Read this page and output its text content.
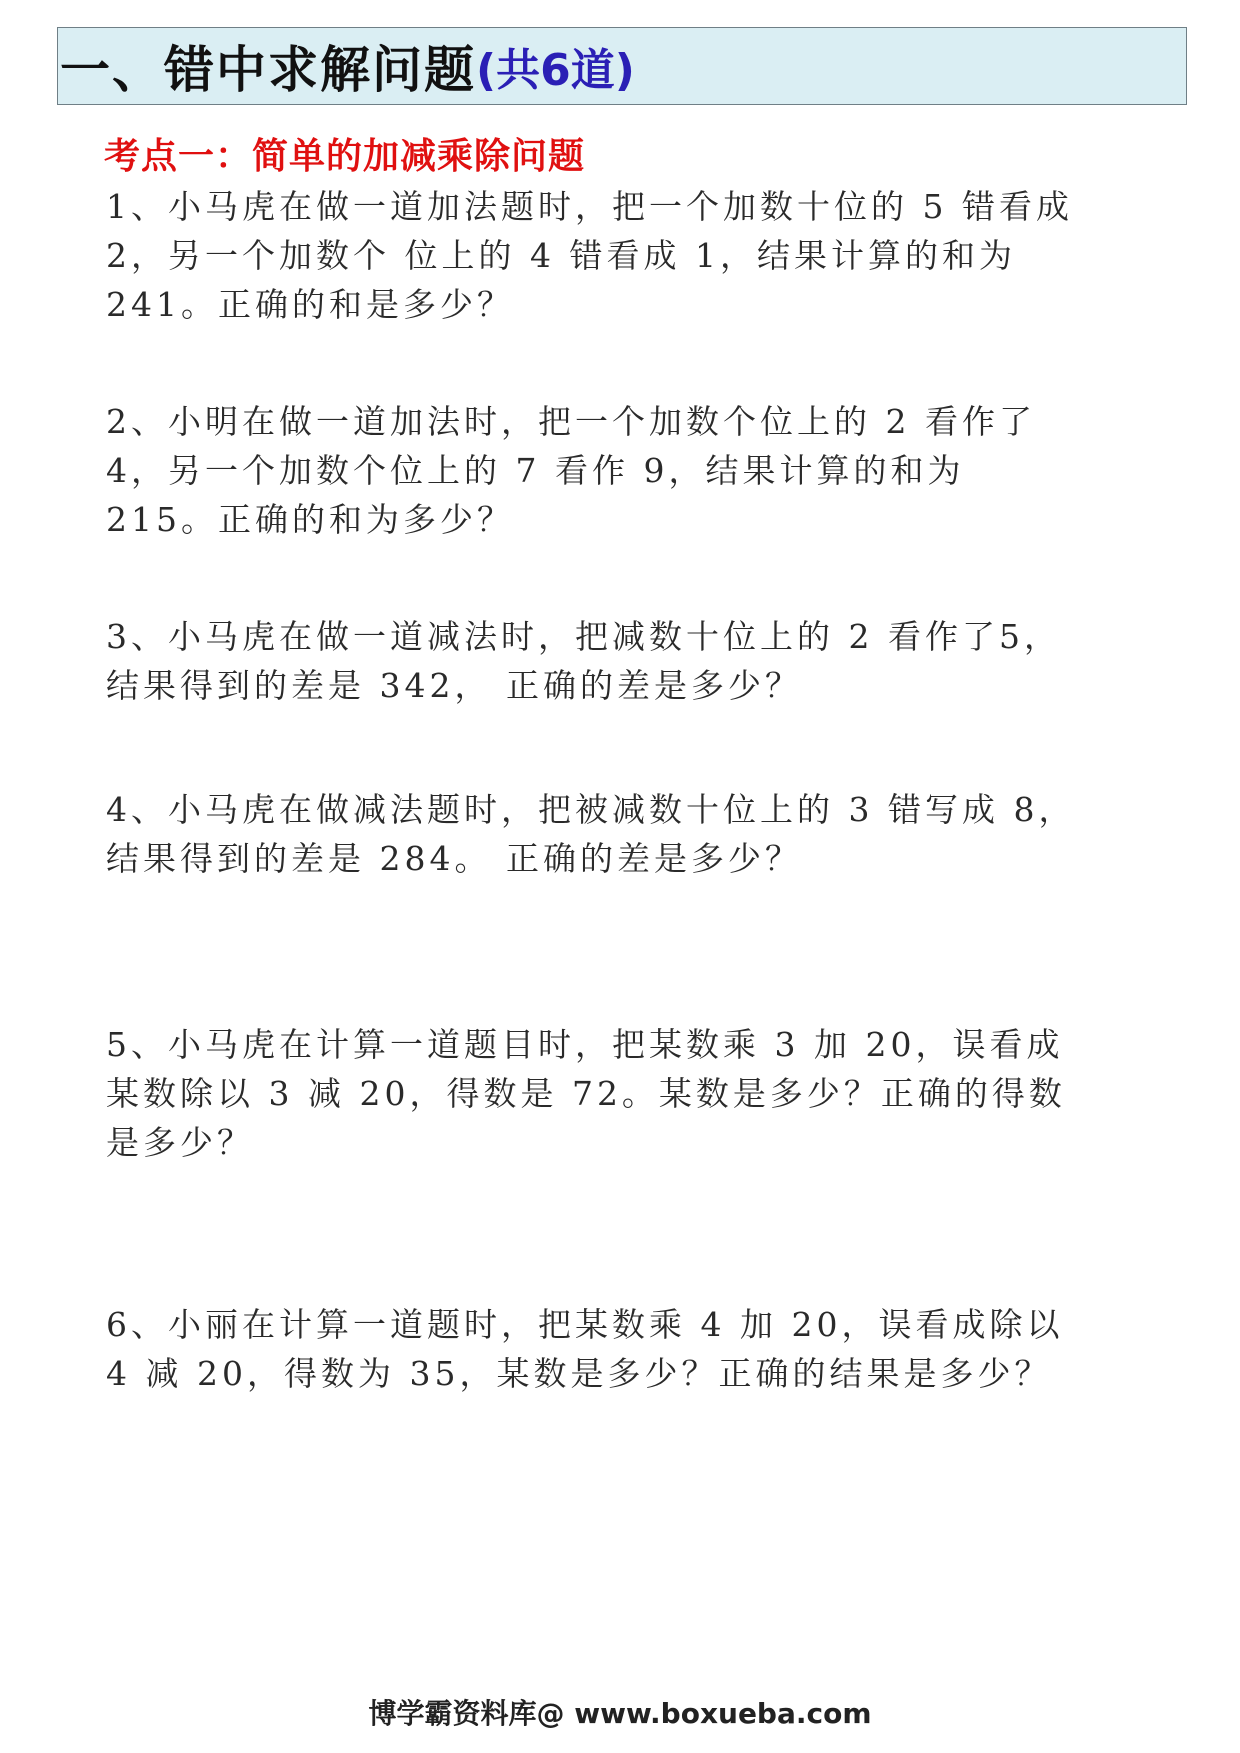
一、错中求解问题 (共6道)
考点一：简单的加减乘除问题
1、小马虎在做一道加法题时，把一个加数十位的 5 错看成 2，另一个加数个 位上的 4 错看成 1，结果计算的和为 241。正确的和是多少？
2、小明在做一道加法时，把一个加数个位上的 2 看作了 4，另一个加数个位上的 7 看作 9，结果计算的和为 215。正确的和为多少？
3、小马虎在做一道减法时，把减数十位上的 2 看作了5，结果得到的差是 342， 正确的差是多少？
4、小马虎在做减法题时，把被减数十位上的 3 错写成 8，结果得到的差是 284。 正确的差是多少？
5、小马虎在计算一道题目时，把某数乘 3 加 20，误看成某数除以 3 减 20，得数是 72。某数是多少？正确的得数是多少？
6、小丽在计算一道题时，把某数乘 4 加 20，误看成除以 4 减 20，得数为 35，某数是多少？正确的结果是多少？
博学霸资料库@ www.boxueba.com
